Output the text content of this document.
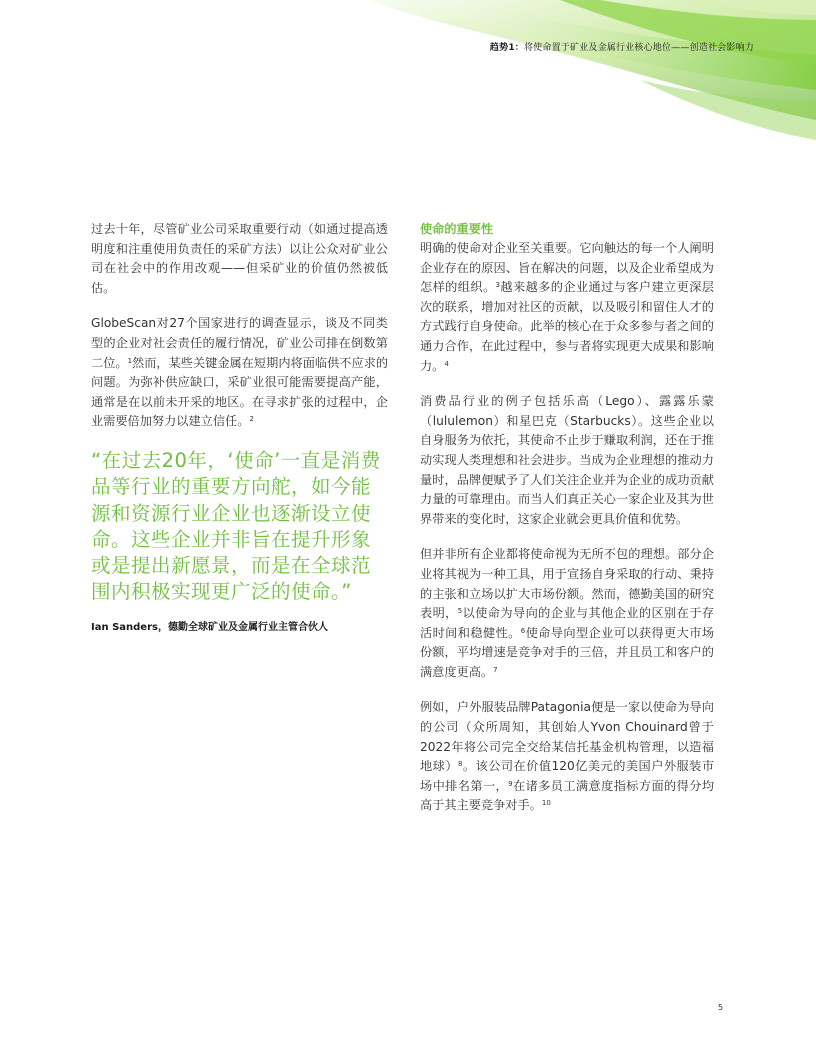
趋势1：将使命置于矿业及金属行业核心地位——创造社会影响力

过去十年，尽管矿业公司采取重要行动（如通过提高透明度和注重使用负责任的采矿方法）以让公众对矿业公司在社会中的作用改观——但采矿业的价值仍然被低估。

GlobeScan对27个国家进行的调查显示，谈及不同类型的企业对社会责任的履行情况，矿业公司排在倒数第二位。$^1$然而，某些关键金属在短期内将面临供不应求的问题。为弥补供应缺口，采矿业很可能需要提高产能，通常是在以前未开采的地区。在寻求扩张的过程中，企业需要倍加努力以建立信任。$^2$

“在过去20年，‘使命’一直是消费品等行业的重要方向舵，如今能源和资源行业企业也逐渐设立使命。这些企业并非旨在提升形象或是提出新愿景，而是在全球范围内积极实现更广泛的使命。”
Ian Sanders，德勤全球矿业及金属行业主管合伙人
使命的重要性

明确的使命对企业至关重要。它向触达的每一个人阐明企业存在的原因、旨在解决的问题，以及企业希望成为怎样的组织。$^3$越来越多的企业通过与客户建立更深层次的联系，增加对社区的贡献，以及吸引和留住人才的方式践行自身使命。此举的核心在于众多参与者之间的通力合作，在此过程中，参与者将实现更大成果和影响力。$^4$

消费品行业的例子包括乐高（Lego）、露露乐蒙（lululemon）和星巴克（Starbucks）。这些企业以自身服务为依托，其使命不止步于赚取利润，还在于推动实现人类理想和社会进步。当成为企业理想的推动力量时，品牌便赋予了人们关注企业并为企业的成功贡献力量的可靠理由。而当人们真正关心一家企业及其为世界带来的变化时，这家企业就会更具价值和优势。

但并非所有企业都将使命视为无所不包的理想。部分企业将其视为一种工具，用于宣扬自身采取的行动、秉持的主张和立场以扩大市场份额。然而，德勤美国的研究表明，$^5$以使命为导向的企业与其他企业的区别在于存活时间和稳健性。$^6$使命导向型企业可以获得更大市场份额，平均增速是竞争对手的三倍，并且员工和客户的满意度更高。$^7$

例如，户外服装品牌Patagonia便是一家以使命为导向的公司（众所周知，其创始人Yvon Chouinard曾于2022年将公司完全交给某信托基金机构管理，以造福地球）$^8$。该公司在价值120亿美元的美国户外服装市场中排名第一，$^9$在诸多员工满意度指标方面的得分均高于其主要竞争对手。$^{10}$

5
